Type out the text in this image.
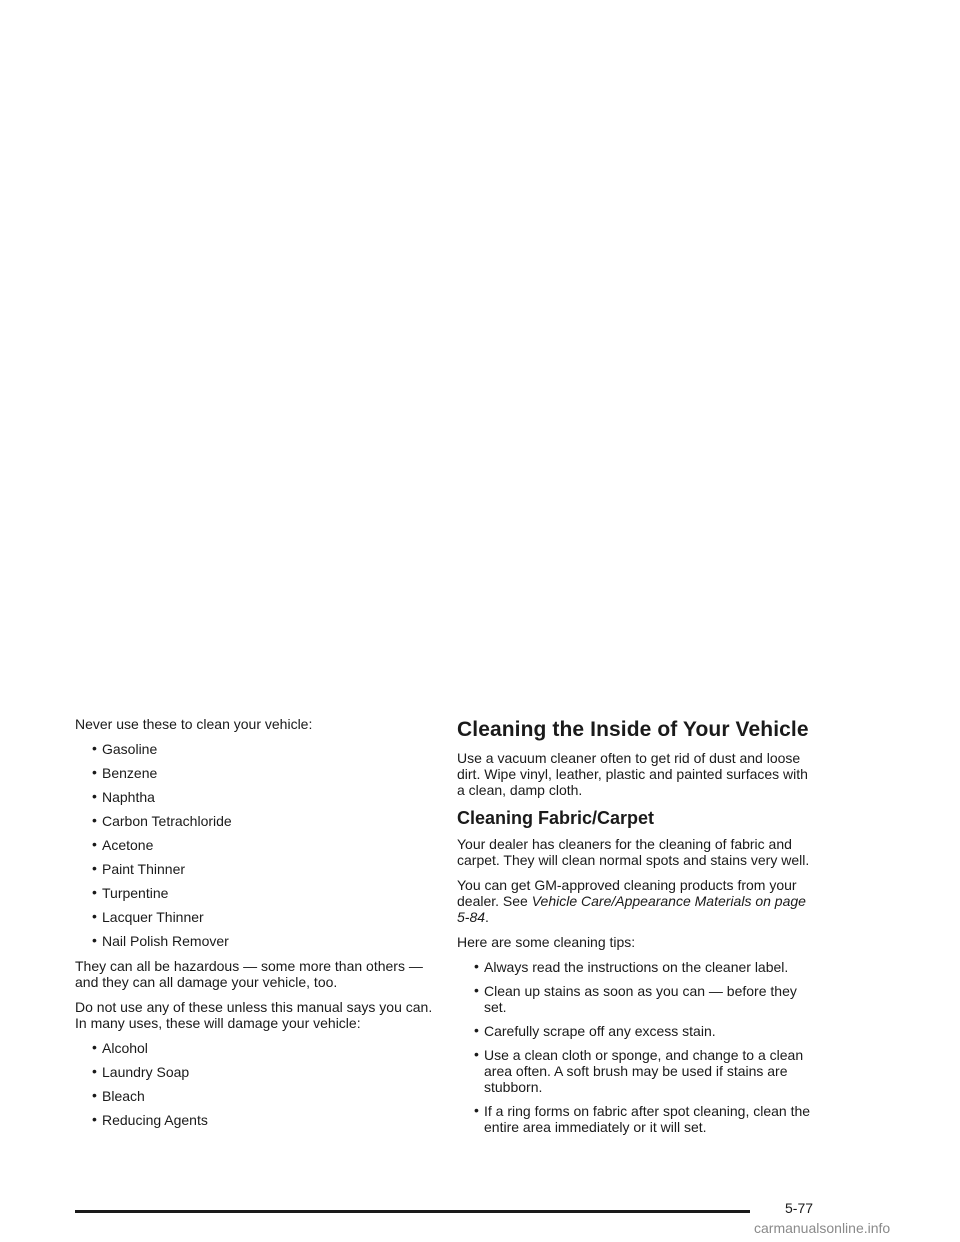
Never use these to clean your vehicle:

• Gasoline
• Benzene
• Naphtha
• Carbon Tetrachloride
• Acetone
• Paint Thinner
• Turpentine
• Lacquer Thinner
• Nail Polish Remover

They can all be hazardous — some more than others — and they can all damage your vehicle, too.

Do not use any of these unless this manual says you can. In many uses, these will damage your vehicle:

• Alcohol
• Laundry Soap
• Bleach
• Reducing Agents
Cleaning the Inside of Your Vehicle

Use a vacuum cleaner often to get rid of dust and loose dirt. Wipe vinyl, leather, plastic and painted surfaces with a clean, damp cloth.

Cleaning Fabric/Carpet

Your dealer has cleaners for the cleaning of fabric and carpet. They will clean normal spots and stains very well.

You can get GM-approved cleaning products from your dealer. See Vehicle Care/Appearance Materials on page 5-84.

Here are some cleaning tips:

• Always read the instructions on the cleaner label.
• Clean up stains as soon as you can — before they set.
• Carefully scrape off any excess stain.
• Use a clean cloth or sponge, and change to a clean area often. A soft brush may be used if stains are stubborn.
• If a ring forms on fabric after spot cleaning, clean the entire area immediately or it will set.
5-77
carmanualsonline.info
